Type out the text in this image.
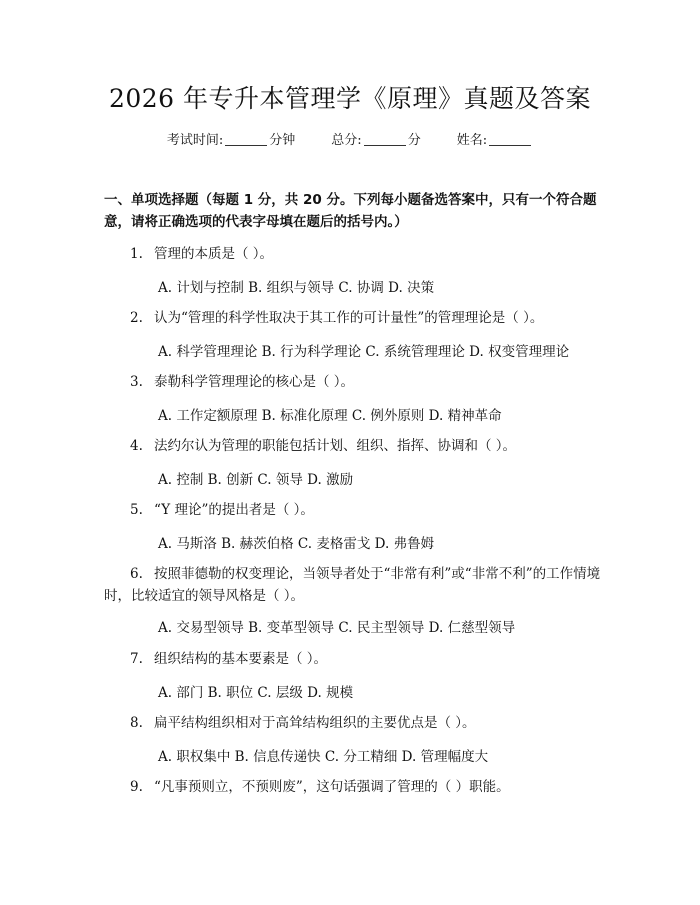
2026 年专升本管理学《原理》真题及答案
考试时间:	分钟	总分:	分	姓名:
一、单项选择题（每题 1 分，共 20 分。下列每小题备选答案中，只有一个符合题意，请将正确选项的代表字母填在题后的括号内。）
1. 管理的本质是（ ）。
A. 计划与控制 B. 组织与领导 C. 协调 D. 决策
2. 认为“管理的科学性取决于其工作的可计量性”的管理理论是（ ）。
A. 科学管理理论 B. 行为科学理论 C. 系统管理理论 D. 权变管理理论
3. 泰勒科学管理理论的核心是（ ）。
A. 工作定额原理 B. 标准化原理 C. 例外原则 D. 精神革命
4. 法约尔认为管理的职能包括计划、组织、指挥、协调和（ ）。
A. 控制 B. 创新 C. 领导 D. 激励
5. “Y 理论”的提出者是（ ）。
A. 马斯洛 B. 赫茨伯格 C. 麦格雷戈 D. 弗鲁姆
6. 按照菲德勒的权变理论，当领导者处于“非常有利”或“非常不利”的工作情境时，比较适宜的领导风格是（ ）。
A. 交易型领导 B. 变革型领导 C. 民主型领导 D. 仁慈型领导
7. 组织结构的基本要素是（ ）。
A. 部门 B. 职位 C. 层级 D. 规模
8. 扁平结构组织相对于高耸结构组织的主要优点是（ ）。
A. 职权集中 B. 信息传递快 C. 分工精细 D. 管理幅度大
9. “凡事预则立，不预则废”，这句话强调了管理的（ ）职能。
